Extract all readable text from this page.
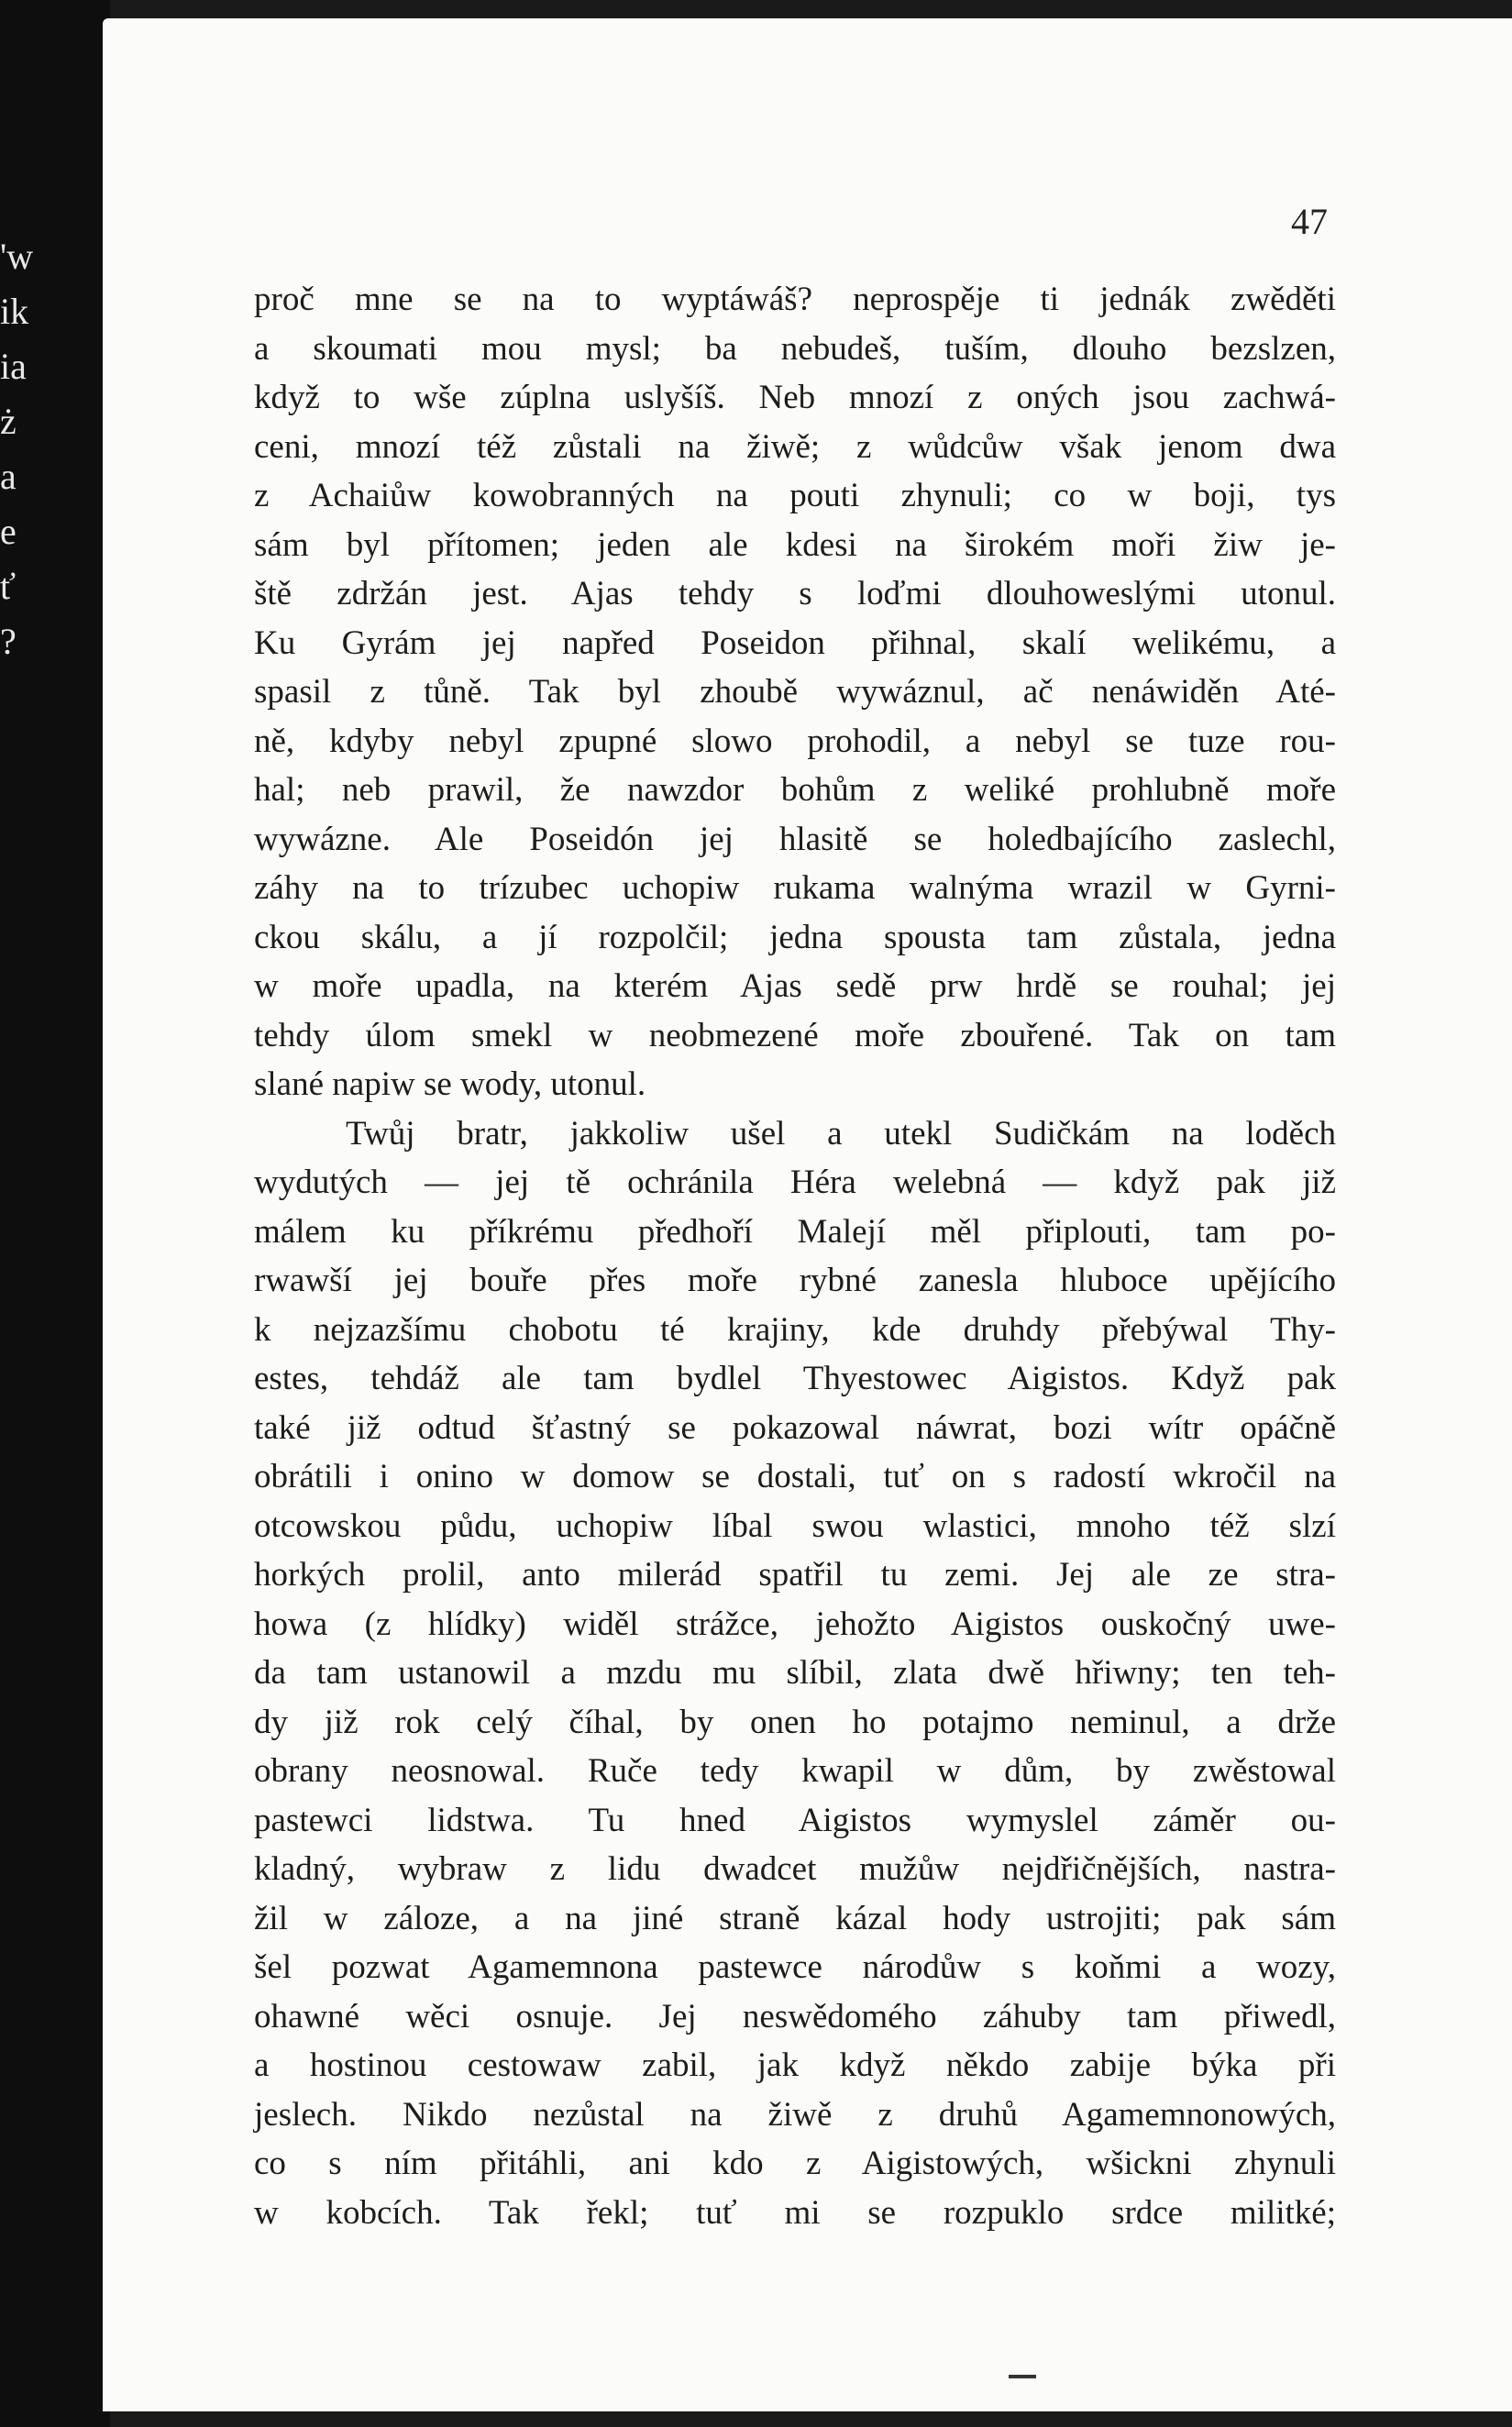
'w
ik
ia
ż
a
e
ť
?
47
proč mne se na to wyptáwáš? neprospěje ti jednák zwěděti
a skoumati mou mysl; ba nebudeš, tuším, dlouho bezslzen,
když to wše zúplna uslyšíš. Neb mnozí z oných jsou zachwá-
ceni, mnozí též zůstali na žiwě; z wůdcůw však jenom dwa
z Achaiůw kowobranných na pouti zhynuli; co w boji, tys
sám byl přítomen; jeden ale kdesi na širokém moři žiw je-
ště zdržán jest. Ajas tehdy s loďmi dlouhoweslými utonul.
Ku Gyrám jej napřed Poseidon přihnal, skalí welikému, a
spasil z tůně. Tak byl zhoubě wywáznul, ač nenáwiděn Até-
ně, kdyby nebyl zpupné slowo prohodil, a nebyl se tuze rou-
hal; neb prawil, že nawzdor bohům z weliké prohlubně moře
wywázne. Ale Poseidón jej hlasitě se holedbajícího zaslechl,
záhy na to trízubec uchopiw rukama walnýma wrazil w Gyrni-
ckou skálu, a jí rozpolčil; jedna spousta tam zůstala, jedna
w moře upadla, na kterém Ajas sedě prw hrdě se rouhal; jej
tehdy úlom smekl w neobmezené moře zbouřené. Tak on tam
slané napiw se wody, utonul.
Twůj bratr, jakkoliw ušel a utekl Sudičkám na loděch
wydutých — jej tě ochránila Héra welebná — když pak již
málem ku příkrému předhoří Malejí měl připlouti, tam po-
rwawší jej bouře přes moře rybné zanesla hluboce upějícího
k nejzazšímu chobotu té krajiny, kde druhdy přebýwal Thy-
estes, tehdáž ale tam bydlel Thyestowec Aigistos. Když pak
také již odtud šťastný se pokazowal náwrat, bozi wítr opáčně
obrátili i onino w domow se dostali, tuť on s radostí wkročil na
otcowskou půdu, uchopiw líbal swou wlastici, mnoho též slzí
horkých prolil, anto milerád spatřil tu zemi. Jej ale ze stra-
howa (z hlídky) widěl strážce, jehožto Aigistos ouskočný uwe-
da tam ustanowil a mzdu mu slíbil, zlata dwě hřiwny; ten teh-
dy již rok celý číhal, by onen ho potajmo neminul, a drže
obrany neosnowal. Ruče tedy kwapil w dům, by zwěstowal
pastewci lidstwa. Tu hned Aigistos wymyslel záměr ou-
kladný, wybraw z lidu dwadcet mužůw nejdřičnějších, nastra-
žil w záloze, a na jiné straně kázal hody ustrojiti; pak sám
šel pozwat Agamemnona pastewce národůw s koňmi a wozy,
ohawné wěci osnuje. Jej neswědomého záhuby tam přiwedl,
a hostinou cestowaw zabil, jak když někdo zabije býka při
jeslech. Nikdo nezůstal na žiwě z druhů Agamemnonowých,
co s ním přitáhli, ani kdo z Aigistowých, wšickni zhynuli
w kobcích. Tak řekl; tuť mi se rozpuklo srdce militké;
